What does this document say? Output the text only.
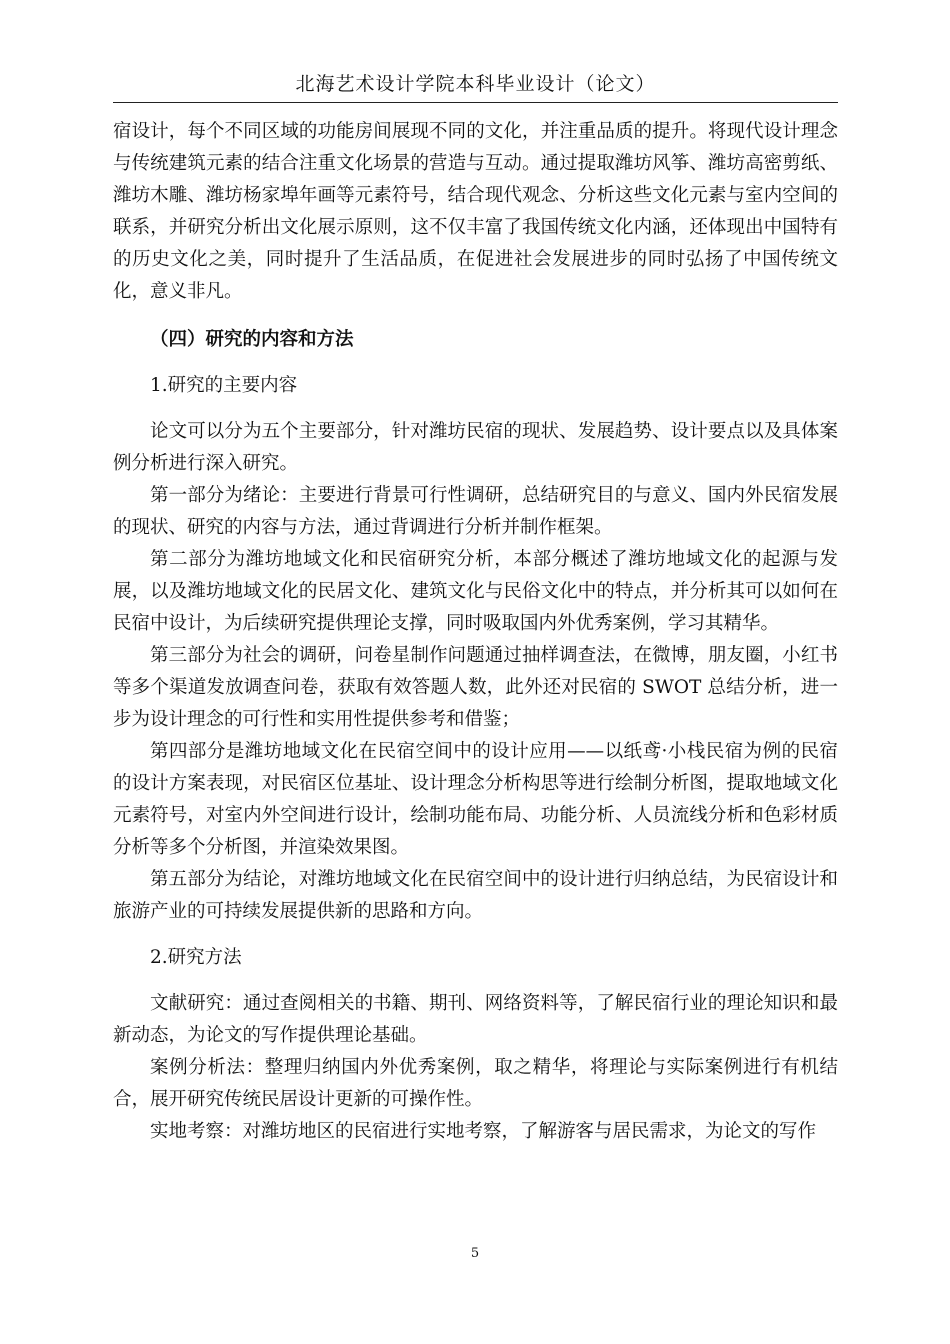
北海艺术设计学院本科毕业设计（论文）

宿设计，每个不同区域的功能房间展现不同的文化，并注重品质的提升。将现代设计理念与传统建筑元素的结合注重文化场景的营造与互动。通过提取潍坊风筝、潍坊高密剪纸、潍坊木雕、潍坊杨家埠年画等元素符号，结合现代观念、分析这些文化元素与室内空间的联系，并研究分析出文化展示原则，这不仅丰富了我国传统文化内涵，还体现出中国特有的历史文化之美，同时提升了生活品质，在促进社会发展进步的同时弘扬了中国传统文化，意义非凡。

（四）研究的内容和方法

1.研究的主要内容

论文可以分为五个主要部分，针对潍坊民宿的现状、发展趋势、设计要点以及具体案例分析进行深入研究。

第一部分为绪论：主要进行背景可行性调研，总结研究目的与意义、国内外民宿发展的现状、研究的内容与方法，通过背调进行分析并制作框架。

第二部分为潍坊地域文化和民宿研究分析，本部分概述了潍坊地域文化的起源与发展，以及潍坊地域文化的民居文化、建筑文化与民俗文化中的特点，并分析其可以如何在民宿中设计，为后续研究提供理论支撑，同时吸取国内外优秀案例，学习其精华。

第三部分为社会的调研，问卷星制作问题通过抽样调查法，在微博，朋友圈，小红书等多个渠道发放调查问卷，获取有效答题人数，此外还对民宿的 SWOT 总结分析，进一步为设计理念的可行性和实用性提供参考和借鉴；

第四部分是潍坊地域文化在民宿空间中的设计应用——以纸鸢·小栈民宿为例的民宿的设计方案表现，对民宿区位基址、设计理念分析构思等进行绘制分析图，提取地域文化元素符号，对室内外空间进行设计，绘制功能布局、功能分析、人员流线分析和色彩材质分析等多个分析图，并渲染效果图。

第五部分为结论，对潍坊地域文化在民宿空间中的设计进行归纳总结，为民宿设计和旅游产业的可持续发展提供新的思路和方向。

2.研究方法

文献研究：通过查阅相关的书籍、期刊、网络资料等，了解民宿行业的理论知识和最新动态，为论文的写作提供理论基础。

案例分析法：整理归纳国内外优秀案例，取之精华，将理论与实际案例进行有机结合，展开研究传统民居设计更新的可操作性。

实地考察：对潍坊地区的民宿进行实地考察，了解游客与居民需求，为论文的写作

5
